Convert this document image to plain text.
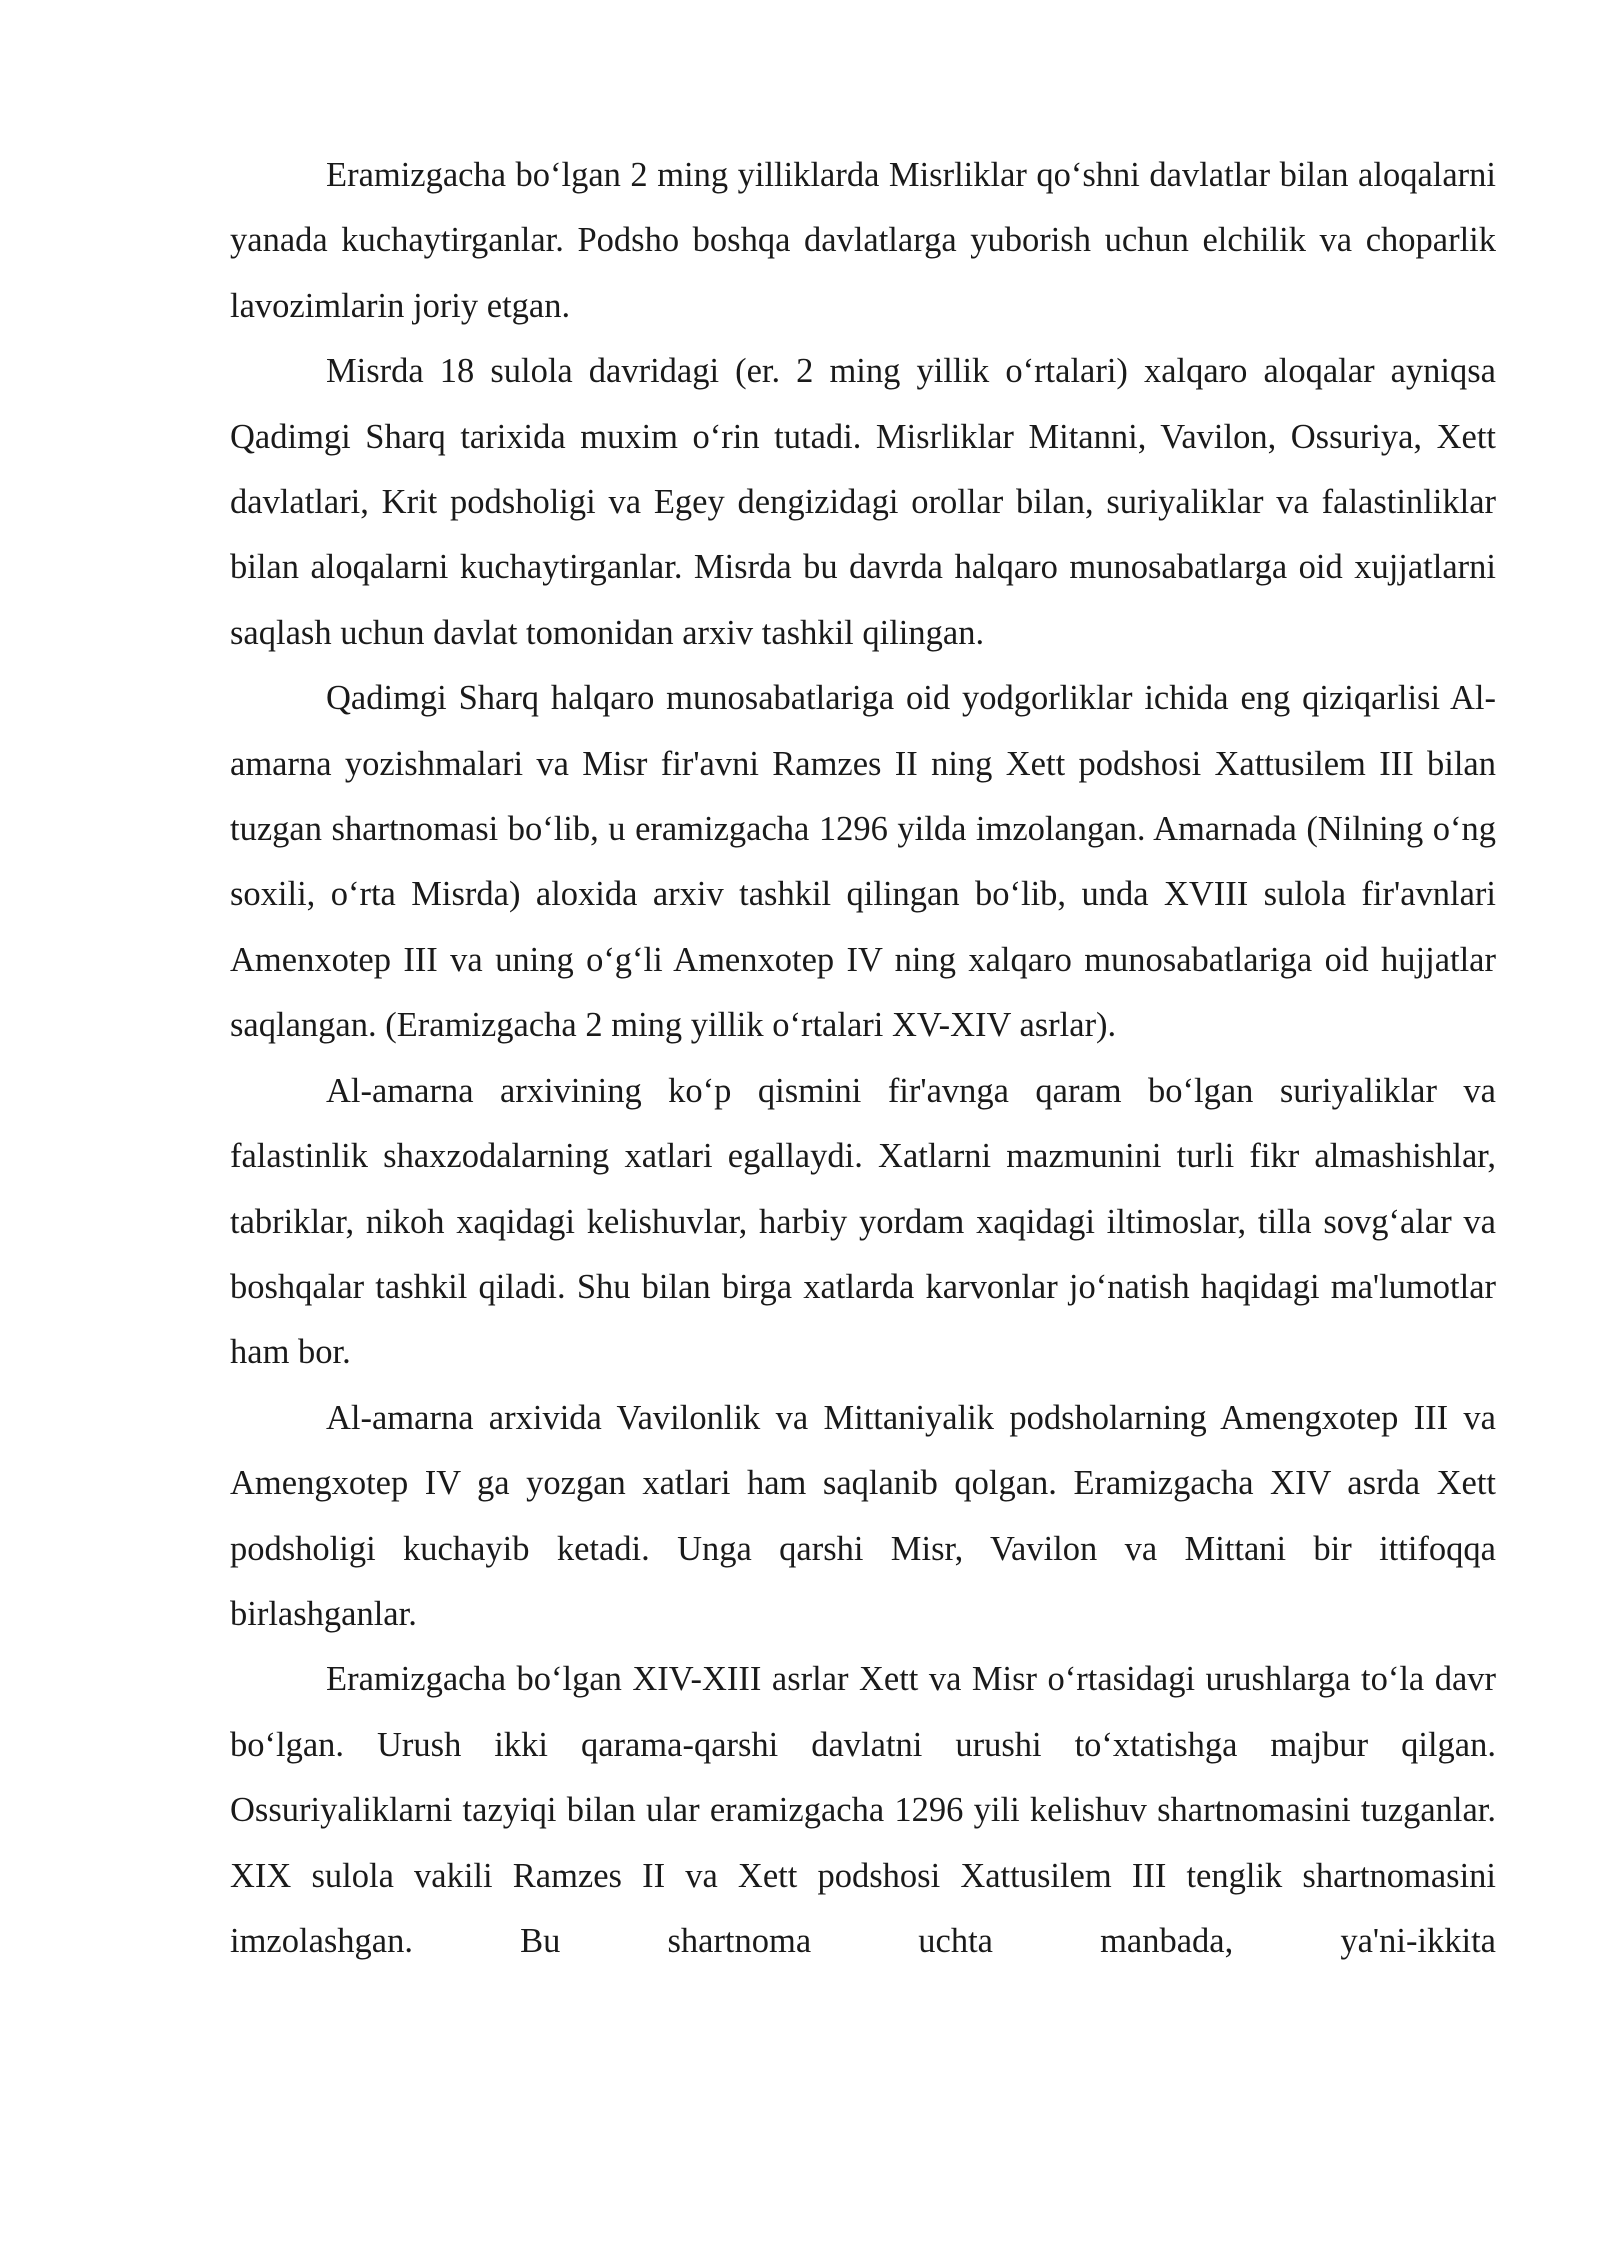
Eramizgacha bo‘lgan 2 ming yilliklarda Misrliklar qo‘shni davlatlar bilan aloqalarni yanada kuchaytirganlar. Podsho boshqa davlatlarga yuborish uchun elchilik va choparlik lavozimlarin joriy etgan.

Misrda 18 sulola davridagi (er. 2 ming yillik o‘rtalari) xalqaro aloqalar ayniqsa Qadimgi Sharq tarixida muxim o‘rin tutadi. Misrliklar Mitanni, Vavilon, Ossuriya, Xett davlatlari, Krit podsholigi va Egey dengizidagi orollar bilan, suriyaliklar va falastinliklar bilan aloqalarni kuchaytirganlar. Misrda bu davrda halqaro munosabatlarga oid xujjatlarni saqlash uchun davlat tomonidan arxiv tashkil qilingan.

Qadimgi Sharq halqaro munosabatlariga oid yodgorliklar ichida eng qiziqarlisi Al-amarna yozishmalari va Misr fir'avni Ramzes II ning Xett podshosi Xattusilem III bilan tuzgan shartnomasi bo‘lib, u eramizgacha 1296 yilda imzolangan. Amarnada (Nilning o‘ng soxili, o‘rta Misrda) aloxida arxiv tashkil qilingan bo‘lib, unda XVIII sulola fir'avnlari Amenxotep III va uning o‘g‘li Amenxotep IV ning xalqaro munosabatlariga oid hujjatlar saqlangan. (Eramizgacha 2 ming yillik o‘rtalari XV-XIV asrlar).

Al-amarna arxivining ko‘p qismini fir'avnga qaram bo‘lgan suriyaliklar va falastinlik shaxzodalarning xatlari egallaydi. Xatlarni mazmunini turli fikr almashishlar, tabriklar, nikoh xaqidagi kelishuvlar, harbiy yordam xaqidagi iltimoslar, tilla sovg‘alar va boshqalar tashkil qiladi. Shu bilan birga xatlarda karvonlar jo‘natish haqidagi ma'lumotlar ham bor.

Al-amarna arxivida Vavilonlik va Mittaniyalik podsholarning Amengxotep III va Amengxotep IV ga yozgan xatlari ham saqlanib qolgan. Eramizgacha XIV asrda Xett podsholigi kuchayib ketadi. Unga qarshi Misr, Vavilon va Mittani bir ittifoqqa birlashganlar.

Eramizgacha bo‘lgan XIV-XIII asrlar Xett va Misr o‘rtasidagi urushlarga to‘la davr bo‘lgan. Urush ikki qarama-qarshi davlatni urushi to‘xtatishga majbur qilgan. Ossuriyaliklarni tazyiqi bilan ular eramizgacha 1296 yili kelishuv shartnomasini tuzganlar. XIX sulola vakili Ramzes II va Xett podshosi Xattusilem III tenglik shartnomasini imzolashgan. Bu shartnoma uchta manbada, ya'ni-ikkita
